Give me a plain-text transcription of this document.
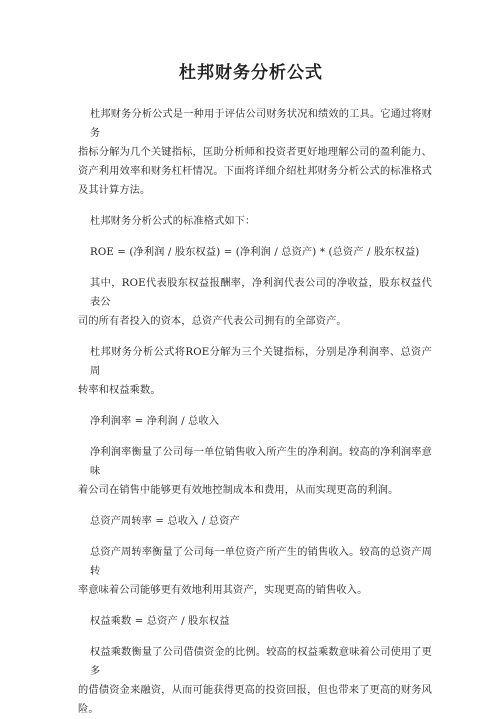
杜邦财务分析公式

杜邦财务分析公式是一种用于评估公司财务状况和绩效的工具。它通过将财务
指标分解为几个关键指标，匡助分析师和投资者更好地理解公司的盈利能力、资产利用效率和财务杠杆情况。下面将详细介绍杜邦财务分析公式的标准格式及其计算方法。

杜邦财务分析公式的标准格式如下：

ROE = (净利润 / 股东权益) = (净利润 / 总资产) * (总资产 / 股东权益)

其中，ROE代表股东权益报酬率，净利润代表公司的净收益，股东权益代表公
司的所有者投入的资本，总资产代表公司拥有的全部资产。

杜邦财务分析公式将ROE分解为三个关键指标，分别是净利润率、总资产周
转率和权益乘数。

净利润率 = 净利润 / 总收入

净利润率衡量了公司每一单位销售收入所产生的净利润。较高的净利润率意味
着公司在销售中能够更有效地控制成本和费用，从而实现更高的利润。

总资产周转率 = 总收入 / 总资产

总资产周转率衡量了公司每一单位资产所产生的销售收入。较高的总资产周转
率意味着公司能够更有效地利用其资产，实现更高的销售收入。

权益乘数 = 总资产 / 股东权益

权益乘数衡量了公司借债资金的比例。较高的权益乘数意味着公司使用了更多
的借债资金来融资，从而可能获得更高的投资回报，但也带来了更高的财务风险。
